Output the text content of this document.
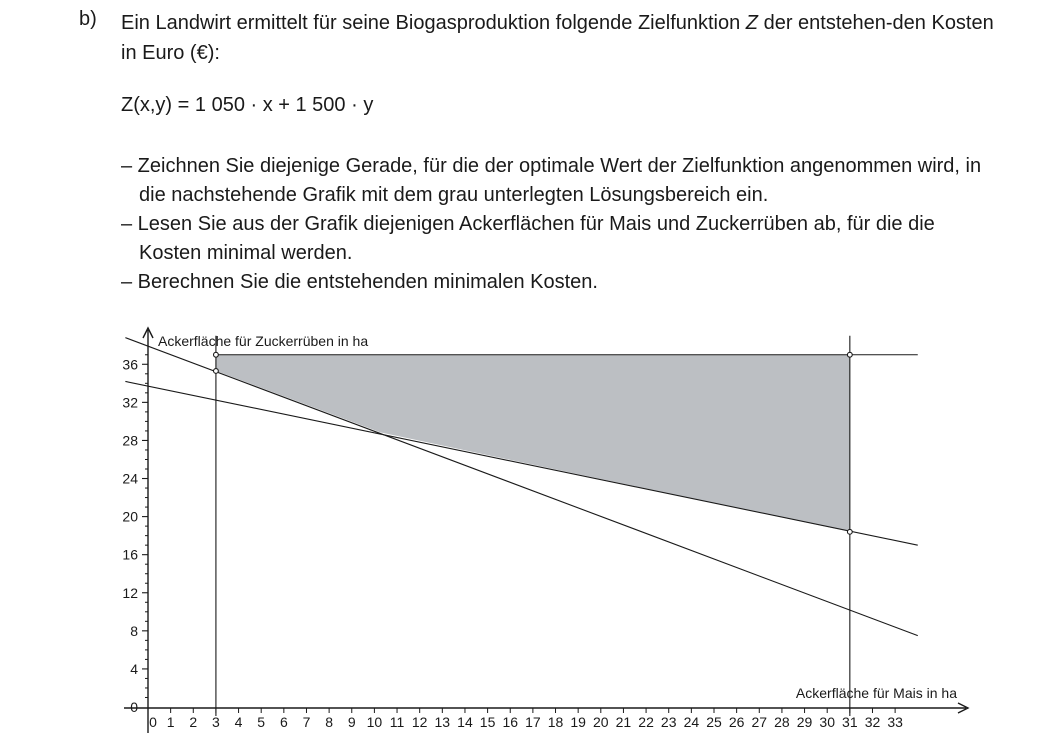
b) Ein Landwirt ermittelt für seine Biogasproduktion folgende Zielfunktion Z der entstehen-den Kosten in Euro (€):
Z(x,y) = 1 050 · x + 1 500 · y
– Zeichnen Sie diejenige Gerade, für die der optimale Wert der Zielfunktion angenommen wird, in die nachstehende Grafik mit dem grau unterlegten Lösungsbereich ein.
– Lesen Sie aus der Grafik diejenigen Ackerflächen für Mais und Zuckerrüben ab, für die die Kosten minimal werden.
– Berechnen Sie die entstehenden minimalen Kosten.
0 1 2 3 4 5 6 7 8 9 10 11 12 13 14 15 16 17 18 19 20 21 22 23 24 25 26 27 28 29 30 31 32 33
0
4
8
12
16
20
24
28
32
36
Ackerfläche für Mais in ha
Ackerfläche für Zuckerrüben in ha
